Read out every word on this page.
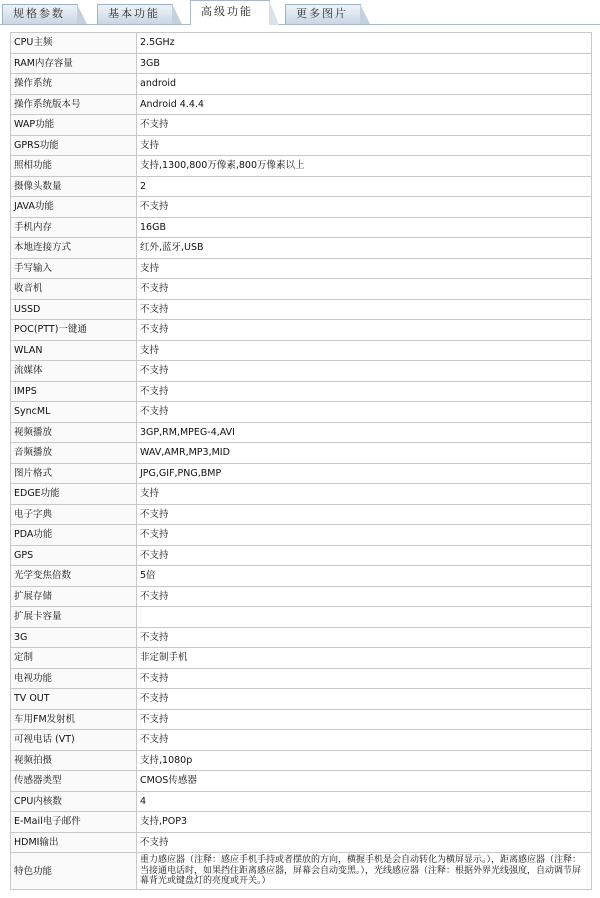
规格参数	基本功能	高级功能	更多图片
CPU主频	2.5GHz
RAM内存容量	3GB
操作系统	android
操作系统版本号	Android 4.4.4
WAP功能	不支持
GPRS功能	支持
照相功能	支持,1300,800万像素,800万像素以上
摄像头数量	2
JAVA功能	不支持
手机内存	16GB
本地连接方式	红外,蓝牙,USB
手写输入	支持
收音机	不支持
USSD	不支持
POC(PTT)一键通	不支持
WLAN	支持
流媒体	不支持
IMPS	不支持
SyncML	不支持
视频播放	3GP,RM,MPEG-4,AVI
音频播放	WAV,AMR,MP3,MID
图片格式	JPG,GIF,PNG,BMP
EDGE功能	支持
电子字典	不支持
PDA功能	不支持
GPS	不支持
光学变焦倍数	5倍
扩展存储	不支持
扩展卡容量	
3G	不支持
定制	非定制手机
电视功能	不支持
TV OUT	不支持
车用FM发射机	不支持
可视电话 (VT)	不支持
视频拍摄	支持,1080p
传感器类型	CMOS传感器
CPU内核数	4
E-Mail电子邮件	支持,POP3
HDMI输出	不支持
特色功能	重力感应器（注释：感应手机手持或者摆放的方向，横握手机是会自动转化为横屏显示。），距离感应器（注释：当接通电话时，如果挡住距离感应器，屏幕会自动变黑。），光线感应器（注释：根据外界光线强度，自动调节屏幕背光或键盘灯的亮度或开关。）
